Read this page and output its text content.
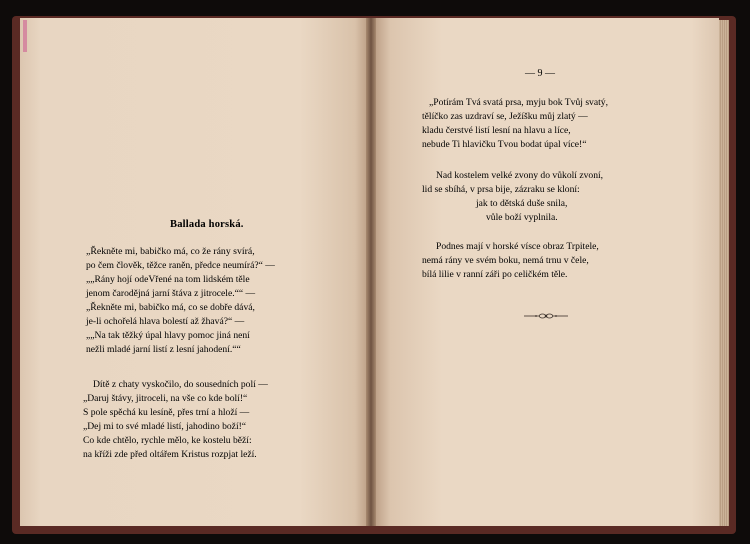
Ballada horská.
„Řekněte mi, babičko má, co že rány svírá,
po čem člověk, těžce raněn, předce neumírá?“ —
„„Rány hojí odeVřené na tom lidském těle
jenom čarodějná jarní štáva z jitrocele.““ —
„Řekněte mi, babičko má, co se dobře dává,
je-li ochořelá hlava bolestí až žhavá?“ —
„„Na tak těžký úpal hlavy pomoc jiná není
nežli mladé jarní listí z lesní jahodení.““
Dítě z chaty vyskočilo, do sousedních polí —
„Daruj štávy, jitroceli, na vše co kde bolí!“
S pole spěchá ku lesíně, přes trní a hloží —
„Dej mi to své mladé listí, jahodino boží!“
Co kde chtělo, rychle mělo, ke kostelu běží:
na kříži zde před oltářem Kristus rozpjat leží.
— 9 —
„Potírám Tvá svatá prsa, myju bok Tvůj svatý,
tělíčko zas uzdraví se, Ježíšku můj zlatý —
kladu čerstvé listí lesní na hlavu a líce,
nebude Ti hlavičku Tvou bodat úpal více!“
Nad kostelem velké zvony do vůkolí zvoní,
lid se sbíhá, v prsa bije, zázraku se kloní:
jak to dětská duše snila,
vůle boží vyplnila.
Podnes mají v horské vísce obraz Trpitele,
nemá rány ve svém boku, nemá trnu v čele,
bílá lilie v ranní záři po celičkém těle.
